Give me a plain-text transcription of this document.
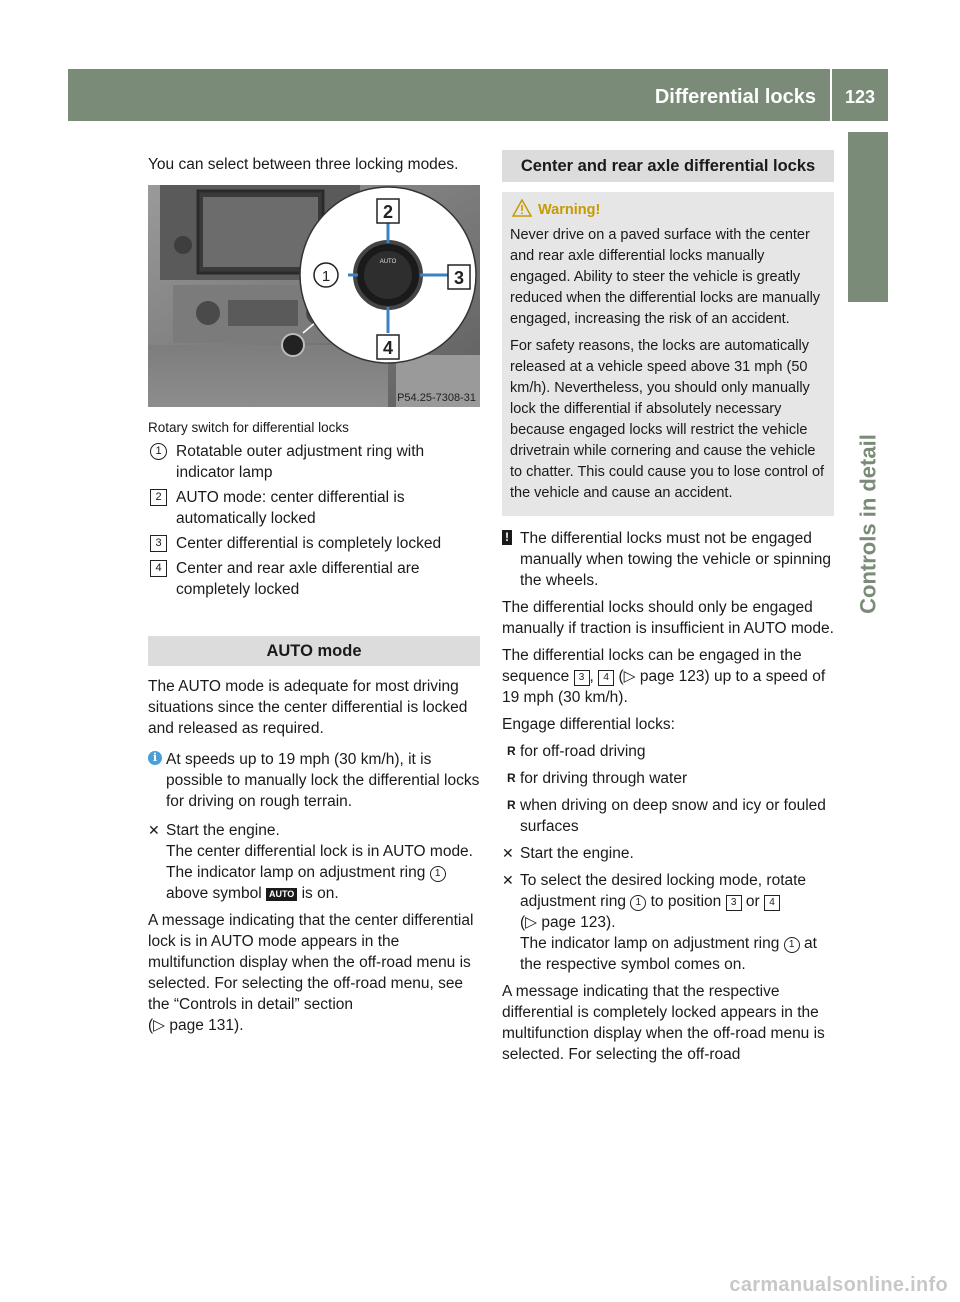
Differential locks	123
Controls in detail

You can select between three locking modes.

AUTO
2
1	3
4
P54.25-7308-31
Rotary switch for differential locks
1 Rotatable outer adjustment ring with indicator lamp
2 AUTO mode: center differential is automatically locked
3 Center differential is completely locked
4 Center and rear axle differential are completely locked
AUTO mode

The AUTO mode is adequate for most driving situations since the center differential is locked and released as required.

i At speeds up to 19 mph (30 km/h), it is possible to manually lock the differential locks for driving on rough terrain.
✕ Start the engine.
The center differential lock is in AUTO mode. The indicator lamp on adjustment ring 1 above symbol AUTO is on.

A message indicating that the center differential lock is in AUTO mode appears in the multifunction display when the off-road menu is selected. For selecting the off-road menu, see the “Controls in detail” section
(▷ page 131).

Center and rear axle differential locks
Warning!

Never drive on a paved surface with the center and rear axle differential locks manually engaged. Ability to steer the vehicle is greatly reduced when the differential locks are manually engaged, increasing the risk of an accident.

For safety reasons, the locks are automatically released at a vehicle speed above 31 mph (50 km/h). Nevertheless, you should only manually lock the differential if absolutely necessary because engaged locks will restrict the vehicle drivetrain while cornering and cause the vehicle to chatter. This could cause you to lose control of the vehicle and cause an accident.

! The differential locks must not be engaged manually when towing the vehicle or spinning the wheels.

The differential locks should only be engaged manually if traction is insufficient in AUTO mode.

The differential locks can be engaged in the sequence 3 , 4 (▷ page 123) up to a speed of 19 mph (30 km/h).

Engage differential locks:

R for off-road driving
R for driving through water
R when driving on deep snow and icy or fouled surfaces
✕ Start the engine.
✕ To select the desired locking mode, rotate adjustment ring 1 to position 3 or 4
(▷ page 123).
The indicator lamp on adjustment ring 1 at the respective symbol comes on.

A message indicating that the respective differential is completely locked appears in the multifunction display when the off-road menu is selected. For selecting the off-road

carmanualsonline.info
